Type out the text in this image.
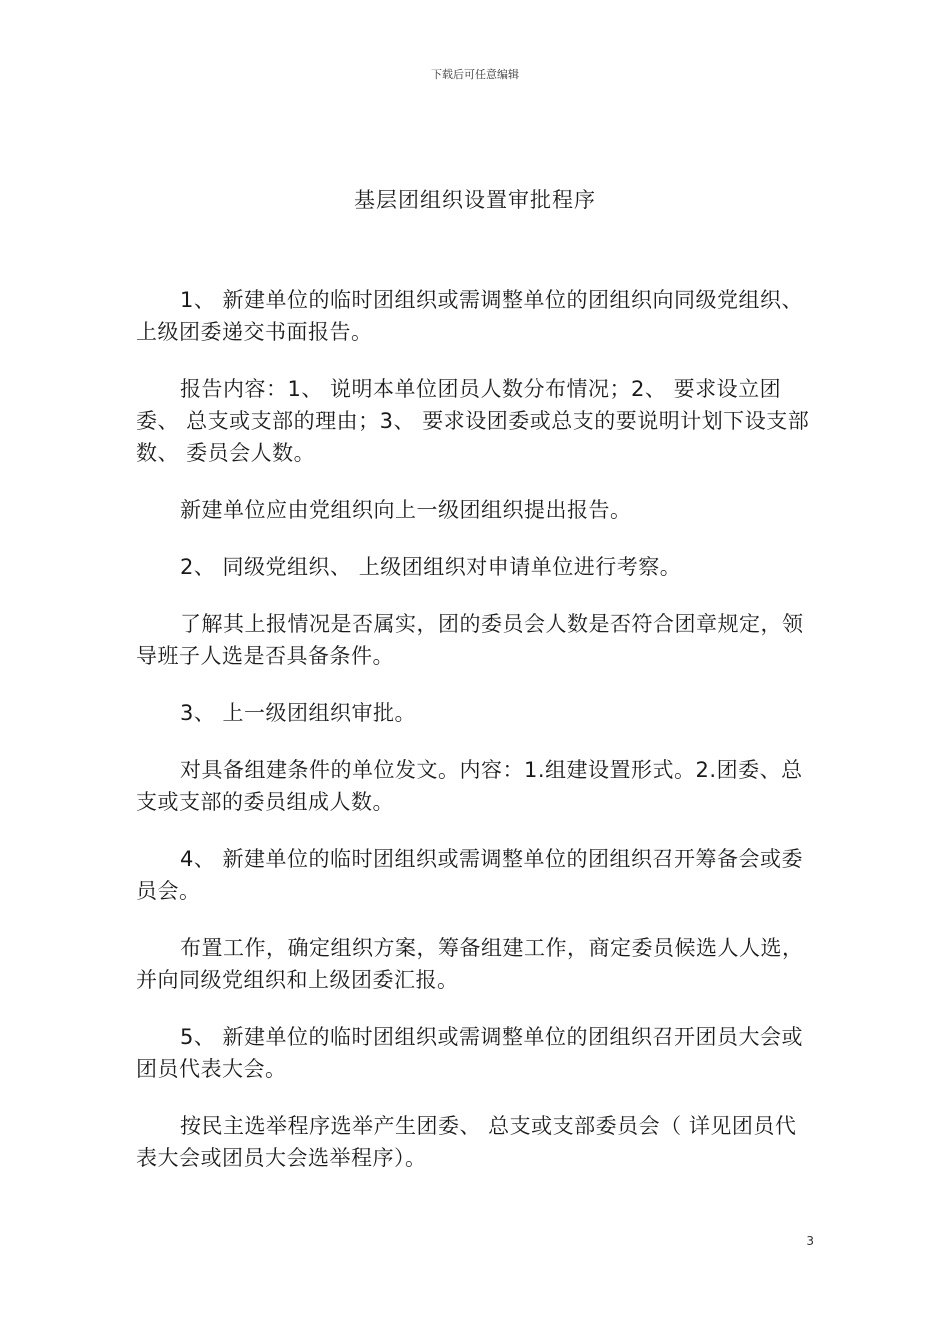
下载后可任意编辑
基层团组织设置审批程序

1、 新建单位的临时团组织或需调整单位的团组织向同级党组织、 上级团委递交书面报告。

报告内容：1、 说明本单位团员人数分布情况；2、 要求设立团委、 总支或支部的理由；3、 要求设团委或总支的要说明计划下设支部数、 委员会人数。

新建单位应由党组织向上一级团组织提出报告。

2、 同级党组织、 上级团组织对申请单位进行考察。

了解其上报情况是否属实，团的委员会人数是否符合团章规定，领导班子人选是否具备条件。

3、 上一级团组织审批。

对具备组建条件的单位发文。内容：1.组建设置形式。2.团委、总支或支部的委员组成人数。

4、 新建单位的临时团组织或需调整单位的团组织召开筹备会或委员会。

布置工作，确定组织方案，筹备组建工作，商定委员候选人人选，并向同级党组织和上级团委汇报。

5、 新建单位的临时团组织或需调整单位的团组织召开团员大会或团员代表大会。

按民主选举程序选举产生团委、 总支或支部委员会（ 详见团员代表大会或团员大会选举程序）。

3
